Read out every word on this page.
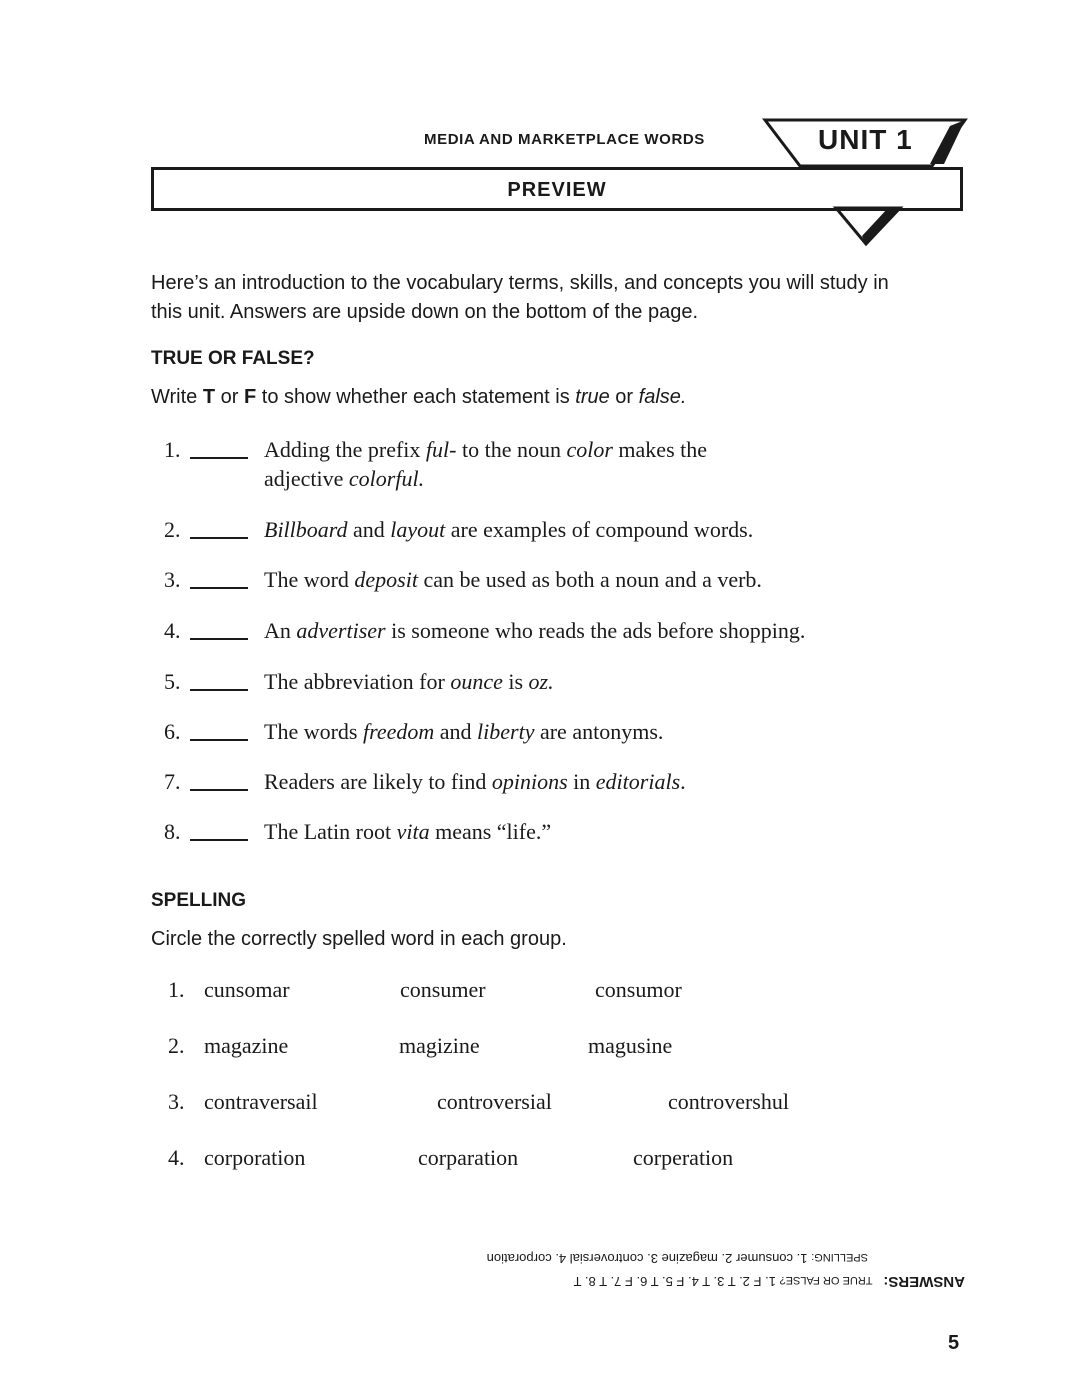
MEDIA AND MARKETPLACE WORDS	UNIT 1
PREVIEW
Here’s an introduction to the vocabulary terms, skills, and concepts you will study in
this unit. Answers are upside down on the bottom of the page.
TRUE OR FALSE?
Write T or F to show whether each statement is true or false.
1.	Adding the prefix ful- to the noun color makes the
adjective colorful.
2.	Billboard and layout are examples of compound words.
3.	The word deposit can be used as both a noun and a verb.
4.	An advertiser is someone who reads the ads before shopping.
5.	The abbreviation for ounce is oz.
6.	The words freedom and liberty are antonyms.
7.	Readers are likely to find opinions in editorials.
8.	The Latin root vita means “life.”
SPELLING
Circle the correctly spelled word in each group.
1. cunsomar	consumer	consumor
2. magazine	magizine	magusine
3. contraversail	controversial	controvershul
4. corporation	corparation	corperation
ANSWERS:   TRUE OR FALSE? 1. F 2. T 3. T 4. F 5. T 6. F 7. T 8. T
SPELLING: 1. consumer 2. magazine 3. controversial 4. corporation
5
